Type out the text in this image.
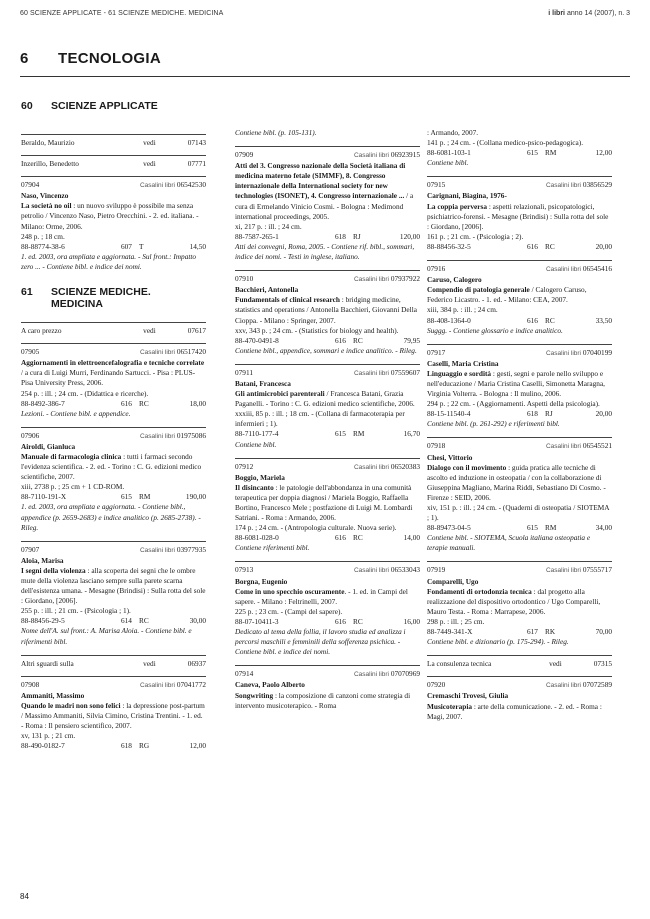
60 SCIENZE APPLICATE - 61 SCIENZE MEDICHE. MEDICINA	i libri anno 14 (2007), n. 3
6 TECNOLOGIA

60 SCIENZE APPLICATE

Beraldo, Maurizio	vedi	07143
Inzerillo, Benedetto	vedi	07771
07904	Casalini libri 06542530
Naso, Vincenzo
La società no oil : un nuovo sviluppo è possibile ma senza petrolio / Vincenzo Naso, Pietro Orecchini. - 2. ed. italiana. - Milano: Orme, 2006.
248 p. ; 18 cm.
88-88774-38-6	607 T	14,50
1. ed. 2003, ora ampliata e aggiornata. - Sul front.: Impatto zero ... - Contiene bibl. e indice dei nomi.

61 SCIENZE MEDICHE.
MEDICINA

A caro prezzo	vedi	07617
07905	Casalini libri 06517420
Aggiornamenti in elettroencefalografia e tecniche correlate / a cura di Luigi Murri, Ferdinando Sartucci. - Pisa : PLUS-Pisa University Press, 2006.
254 p. : ill. ; 24 cm. - (Didattica e ricerche).
88-8492-386-7	616 RC	18,00
Lezioni. - Contiene bibl. e appendice.
07906	Casalini libri 01975086
Airoldi, Gianluca
Manuale di farmacologia clinica : tutti i farmaci secondo l'evidenza scientifica. - 2. ed. - Torino : C. G. edizioni medico scientifiche, 2007.
xiii, 2738 p. ; 25 cm + 1 CD-ROM.
88-7110-191-X	615 RM	190,00
1. ed. 2003, ora ampliata e aggiornata. - Contiene bibl., appendice (p. 2659-2683) e indice analitico (p. 2685-2738). - Rileg.
07907	Casalini libri 03977935
Aloia, Marisa
I segni della violenza : alla scoperta dei segni che le ombre mute della violenza lasciano sempre sulla parete scarna dell'esistenza umana. - Mesagne (Brindisi) : Sulla rotta del sole : Giordano, [2006].
255 p. : ill. ; 21 cm. - (Psicologia ; 1).
88-88456-29-5	614 RC	30,00
Nome dell'A. sul front.: A. Marisa Aloia. - Contiene bibl. e riferimenti bibl.
Altri sguardi sulla	vedi	06937
07908	Casalini libri 07041772
Ammaniti, Massimo
Quando le madri non sono felici : la depressione post-partum / Massimo Ammaniti, Silvia Cimino, Cristina Trentini. - 1. ed. - Roma : Il pensiero scientifico, 2007.
xv, 131 p. ; 21 cm.
88-490-0182-7	618 RG	12,00
Contiene bibl. (p. 105-131).
07909	Casalini libri 06923915
Atti del 3. Congresso nazionale della Società italiana di medicina materno fetale (SIMMF), 8. Congresso internazionale della International society for new technologies (ISONET), 4. Congresso internazionale ... / a cura di Ermelando Vinicio Cosmi. - Bologna : Medimond international proceedings, 2005.
xi, 217 p. : ill. ; 24 cm.
88-7587-265-1	618 RJ	120,00
Atti dei convegni, Roma, 2005. - Contiene rif. bibl., sommari, indice dei nomi. - Testi in inglese, italiano.
07910	Casalini libri 07937922
Bacchieri, Antonella
Fundamentals of clinical research : bridging medicine, statistics and operations / Antonella Bacchieri, Giovanni Della Cioppa. - Milano : Springer, 2007.
xxv, 343 p. ; 24 cm. - (Statistics for biology and health).
88-470-0491-8	616 RC	79,95
Contiene bibl., appendice, sommari e indice analitico. - Rileg.
07911	Casalini libri 07559607
Batani, Francesca
Gli antimicrobici parenterali / Francesca Batani, Grazia Paganelli. - Torino : C. G. edizioni medico scientifiche, 2006.
xxxiii, 85 p. : ill. ; 18 cm. - (Collana di farmacoterapia per infermieri ; 1).
88-7110-177-4	615 RM	16,70
Contiene bibl.
07912	Casalini libri 06520383
Boggio, Mariela
Il disincanto : le patologie dell'abbondanza in una comunità terapeutica per doppia diagnosi / Mariela Boggio, Raffaella Bortino, Francesco Mele ; postfazione di Luigi M. Lombardi Satriani. - Roma : Armando, 2006.
174 p. ; 24 cm. - (Antropologia culturale. Nuova serie).
88-6081-028-0	616 RC	14,00
Contiene riferimenti bibl.
07913	Casalini libri 06533043
Borgna, Eugenio
Come in uno specchio oscuramente. - 1. ed. in Campi del sapere. - Milano : Feltrinelli, 2007.
225 p. ; 23 cm. - (Campi del sapere).
88-07-10411-3	616 RC	16,00
Dedicato al tema della follia, il lavoro studia ed analizza i percorsi maschili e femminili della sofferenza psichica. - Contiene bibl. e indice dei nomi.
07914	Casalini libri 07070969
Caneva, Paolo Alberto
Songwriting : la composizione di canzoni come strategia di intervento musicoterapico. - Roma
: Armando, 2007.
141 p. ; 24 cm. - (Collana medico-psico-pedagogica).
88-6081-103-1	615 RM	12,00
Contiene bibl.
07915	Casalini libri 03856529
Carignani, Biagina, 1976-
La coppia perversa : aspetti relazionali, psicopatologici, psichiatrico-forensi. - Mesagne (Brindisi) : Sulla rotta del sole : Giordano, [2006].
161 p. ; 21 cm. - (Psicologia ; 2).
88-88456-32-5	616 RC	20,00
07916	Casalini libri 06545416
Caruso, Calogero
Compendio di patologia generale / Calogero Caruso, Federico Licastro. - 1. ed. - Milano: CEA, 2007.
xiii, 384 p. : ill. ; 24 cm.
88-408-1364-0	616 RC	33,50
Suggg. - Contiene glossario e indice analitico.
07917	Casalini libri 07040199
Caselli, Maria Cristina
Linguaggio e sordità : gesti, segni e parole nello sviluppo e nell'educazione / Maria Cristina Caselli, Simonetta Maragna, Virginia Volterra. - Bologna : Il mulino, 2006.
294 p. ; 22 cm. - (Aggiornamenti. Aspetti della psicologia).
88-15-11540-4	618 RJ	20,00
Contiene bibl. (p. 261-292) e riferimenti bibl.
07918	Casalini libri 06545521
Chesi, Vittorio
Dialogo con il movimento : guida pratica alle tecniche di ascolto ed induzione in osteopatia / con la collaborazione di Giuseppina Magliano, Marina Riddi, Sebastiano Di Cosmo. - Firenze : SEID, 2006.
xiv, 151 p. : ill. ; 24 cm. - (Quaderni di osteopatia / SIOTEMA ; 1).
88-89473-04-5	615 RM	34,00
Contiene bibl. - SIOTEMA, Scuola italiana osteopatia e terapie manuali.
07919	Casalini libri 07555717
Comparelli, Ugo
Fondamenti di ortodonzia tecnica : dal progetto alla realizzazione del dispositivo ortodontico / Ugo Comparelli, Mauro Testa. - Roma : Marrapese, 2006.
298 p. : ill. ; 25 cm.
88-7449-341-X	617 RK	70,00
Contiene bibl. e dizionario (p. 175-294). - Rileg.
La consulenza tecnica	vedi	07315
07920	Casalini libri 07072589
Cremaschi Trovesi, Giulia
Musicoterapia : arte della comunicazione. - 2. ed. - Roma : Magi, 2007.
84
